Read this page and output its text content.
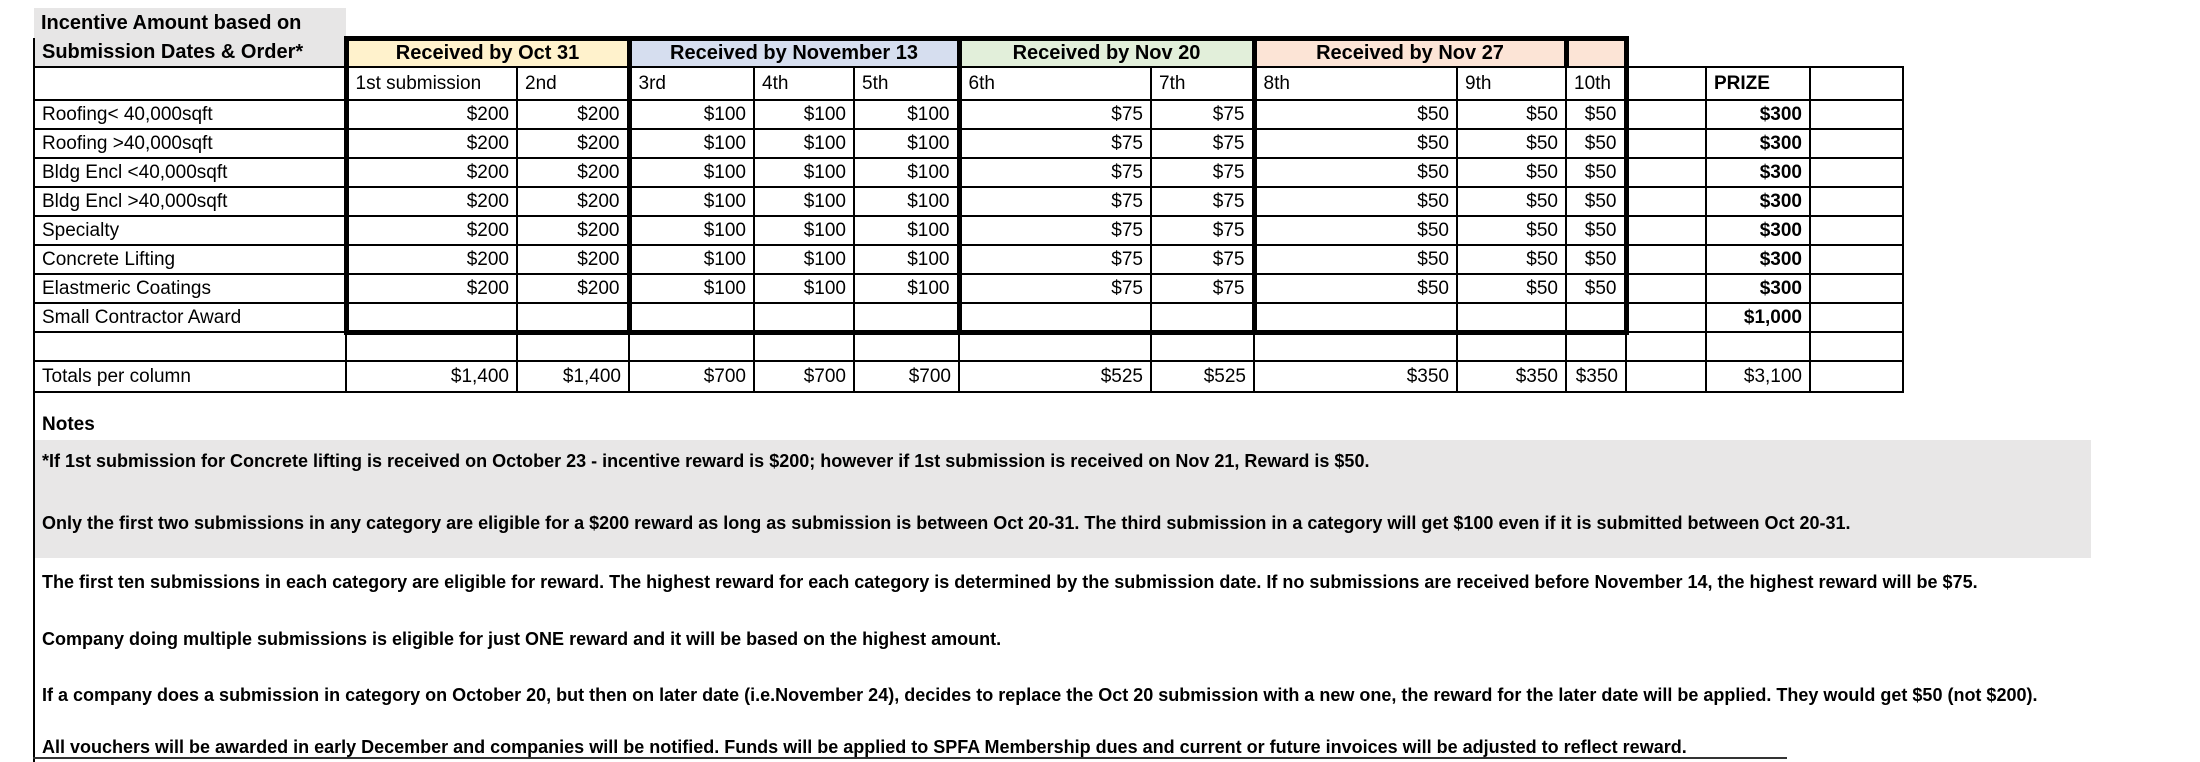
Incentive Amount based on													
Submission Dates & Order*	Received by Oct 31		Received by November 13			Received by Nov 20		Received by Nov 27					
	1st submission	2nd	3rd	4th	5th	6th	7th	8th	9th	10th		PRIZE	
Roofing< 40,000sqft	$200	$200	$100	$100	$100	$75	$75	$50	$50	$50		$300	
Roofing >40,000sqft	$200	$200	$100	$100	$100	$75	$75	$50	$50	$50		$300	
Bldg Encl <40,000sqft	$200	$200	$100	$100	$100	$75	$75	$50	$50	$50		$300	
Bldg Encl >40,000sqft	$200	$200	$100	$100	$100	$75	$75	$50	$50	$50		$300	
Specialty	$200	$200	$100	$100	$100	$75	$75	$50	$50	$50		$300	
Concrete Lifting	$200	$200	$100	$100	$100	$75	$75	$50	$50	$50		$300	
Elastmeric Coatings	$200	$200	$100	$100	$100	$75	$75	$50	$50	$50		$300	
Small Contractor Award												$1,000	

Totals per column	$1,400	$1,400	$700	$700	$700	$525	$525	$350	$350	$350		$3,100	

Notes

*If 1st submission for Concrete lifting is received on October 23 - incentive reward is $200; however if 1st submission is received on Nov 21, Reward is $50.

Only the first two submissions in any category are eligible for a $200 reward as long as submission is between Oct 20-31. The third submission in a category will get $100 even if it is submitted between Oct 20-31.

The first ten submissions in each category are eligible for reward. The highest reward for each category is determined by the submission date. If no submissions are received before November 14, the highest reward will be $75.

Company doing multiple submissions is eligible for just ONE reward and it will be based on the highest amount.

If a company does a submission in category on October 20, but then on later date (i.e.November 24), decides to replace the Oct 20 submission with a new one, the reward for the later date will be applied. They would get $50 (not $200).

All vouchers will be awarded in early December and companies will be notified. Funds will be applied to SPFA Membership dues and current or future invoices will be adjusted to reflect reward.
